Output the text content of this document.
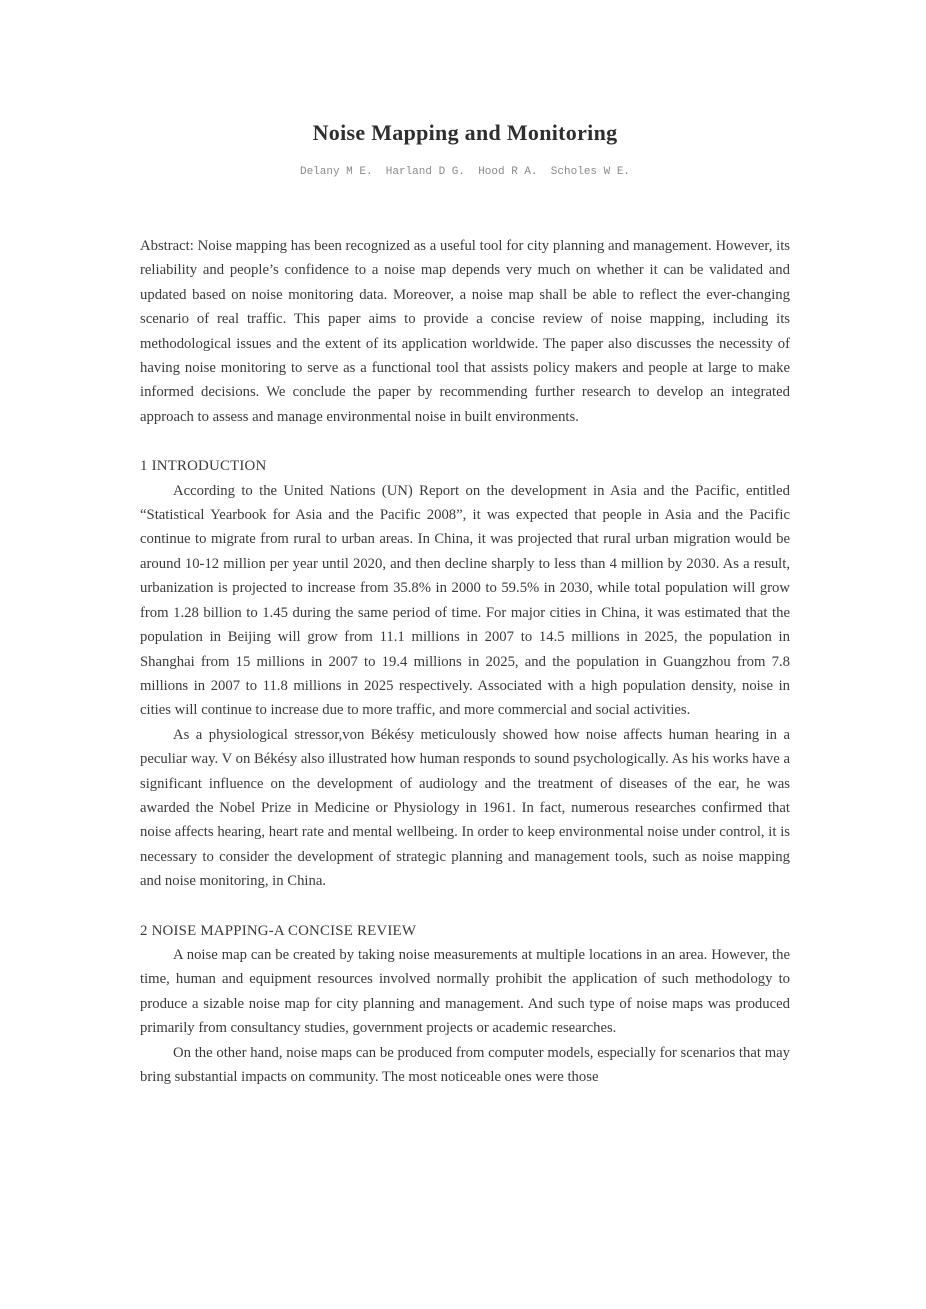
Noise Mapping and Monitoring
Delany M E.  Harland D G.  Hood R A.  Scholes W E.

Abstract: Noise mapping has been recognized as a useful tool for city planning and management. However, its reliability and people’s confidence to a noise map depends very much on whether it can be validated and updated based on noise monitoring data. Moreover, a noise map shall be able to reflect the ever-changing scenario of real traffic. This paper aims to provide a concise review of noise mapping, including its methodological issues and the extent of its application worldwide. The paper also discusses the necessity of having noise monitoring to serve as a functional tool that assists policy makers and people at large to make informed decisions. We conclude the paper by recommending further research to develop an integrated approach to assess and manage environmental noise in built environments.

1 INTRODUCTION

According to the United Nations (UN) Report on the development in Asia and the Pacific, entitled “Statistical Yearbook for Asia and the Pacific 2008”, it was expected that people in Asia and the Pacific continue to migrate from rural to urban areas. In China, it was projected that rural urban migration would be around 10-12 million per year until 2020, and then decline sharply to less than 4 million by 2030. As a result, urbanization is projected to increase from 35.8% in 2000 to 59.5% in 2030, while total population will grow from 1.28 billion to 1.45 during the same period of time. For major cities in China, it was estimated that the population in Beijing will grow from 11.1 millions in 2007 to 14.5 millions in 2025, the population in Shanghai from 15 millions in 2007 to 19.4 millions in 2025, and the population in Guangzhou from 7.8 millions in 2007 to 11.8 millions in 2025 respectively. Associated with a high population density, noise in cities will continue to increase due to more traffic, and more commercial and social activities.

As a physiological stressor,von Békésy meticulously showed how noise affects human hearing in a peculiar way. V on Békésy also illustrated how human responds to sound psychologically. As his works have a significant influence on the development of audiology and the treatment of diseases of the ear, he was awarded the Nobel Prize in Medicine or Physiology in 1961. In fact, numerous researches confirmed that noise affects hearing, heart rate and mental wellbeing. In order to keep environmental noise under control, it is necessary to consider the development of strategic planning and management tools, such as noise mapping and noise monitoring, in China.

2 NOISE MAPPING-A CONCISE REVIEW

A noise map can be created by taking noise measurements at multiple locations in an area. However, the time, human and equipment resources involved normally prohibit the application of such methodology to produce a sizable noise map for city planning and management. And such type of noise maps was produced primarily from consultancy studies, government projects or academic researches.

On the other hand, noise maps can be produced from computer models, especially for scenarios that may bring substantial impacts on community. The most noticeable ones were those
